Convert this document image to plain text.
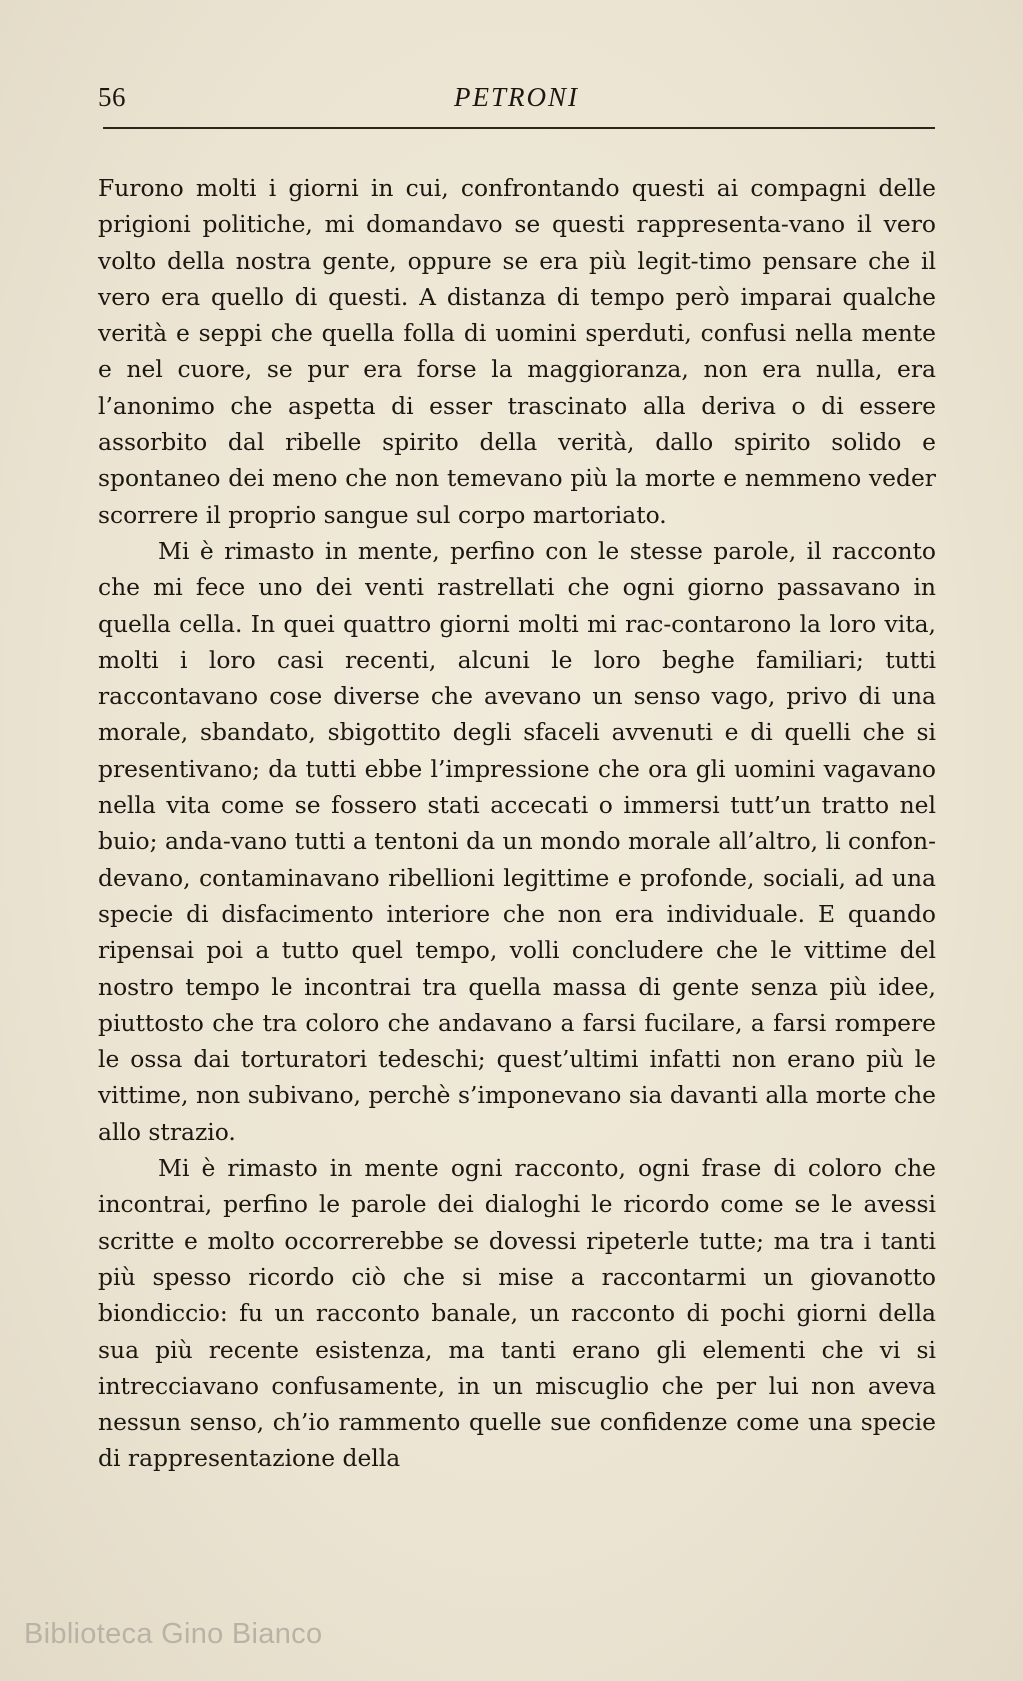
56	PETRONI

Furono molti i giorni in cui, confrontando questi ai compagni delle prigioni politiche, mi domandavo se questi rappresenta-vano il vero volto della nostra gente, oppure se era più legit-timo pensare che il vero era quello di questi. A distanza di tempo però imparai qualche verità e seppi che quella folla di uomini sperduti, confusi nella mente e nel cuore, se pur era forse la maggioranza, non era nulla, era l’anonimo che aspetta di esser trascinato alla deriva o di essere assorbito dal ribelle spirito della verità, dallo spirito solido e spontaneo dei meno che non temevano più la morte e nemmeno veder scorrere il proprio sangue sul corpo martoriato.

Mi è rimasto in mente, perfino con le stesse parole, il racconto che mi fece uno dei venti rastrellati che ogni giorno passavano in quella cella. In quei quattro giorni molti mi rac-contarono la loro vita, molti i loro casi recenti, alcuni le loro beghe familiari; tutti raccontavano cose diverse che avevano un senso vago, privo di una morale, sbandato, sbigottito degli sfaceli avvenuti e di quelli che si presentivano; da tutti ebbe l’impressione che ora gli uomini vagavano nella vita come se fossero stati accecati o immersi tutt’un tratto nel buio; anda-vano tutti a tentoni da un mondo morale all’altro, li confon-devano, contaminavano ribellioni legittime e profonde, sociali, ad una specie di disfacimento interiore che non era individuale. E quando ripensai poi a tutto quel tempo, volli concludere che le vittime del nostro tempo le incontrai tra quella massa di gente senza più idee, piuttosto che tra coloro che andavano a farsi fucilare, a farsi rompere le ossa dai torturatori tedeschi; quest’ultimi infatti non erano più le vittime, non subivano, perchè s’imponevano sia davanti alla morte che allo strazio.

Mi è rimasto in mente ogni racconto, ogni frase di coloro che incontrai, perfino le parole dei dialoghi le ricordo come se le avessi scritte e molto occorrerebbe se dovessi ripeterle tutte; ma tra i tanti più spesso ricordo ciò che si mise a raccontarmi un giovanotto biondiccio: fu un racconto banale, un racconto di pochi giorni della sua più recente esistenza, ma tanti erano gli elementi che vi si intrecciavano confusamente, in un miscuglio che per lui non aveva nessun senso, ch’io rammento quelle sue confidenze come una specie di rappresentazione della

Biblioteca Gino Bianco
